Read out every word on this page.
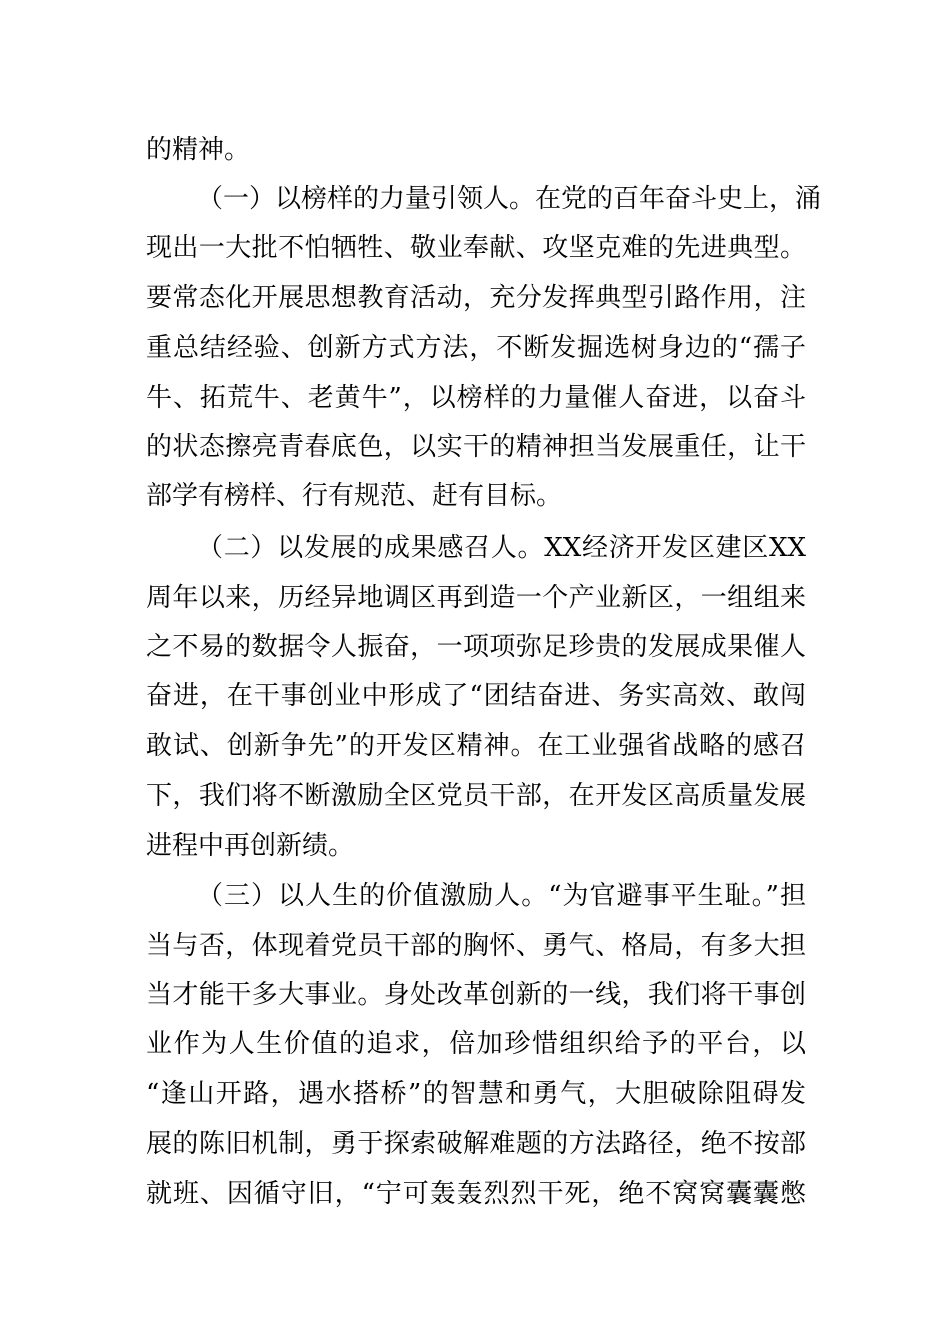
的精神。
（一）以榜样的力量引领人。在党的百年奋斗史上，涌
现出一大批不怕牺牲、敬业奉献、攻坚克难的先进典型。
要常态化开展思想教育活动，充分发挥典型引路作用，注
重总结经验、创新方式方法，不断发掘选树身边的“孺子
牛、拓荒牛、老黄牛”，以榜样的力量催人奋进，以奋斗
的状态擦亮青春底色，以实干的精神担当发展重任，让干
部学有榜样、行有规范、赶有目标。
（二）以发展的成果感召人。XX经济开发区建区XX
周年以来，历经异地调区再到造一个产业新区，一组组来
之不易的数据令人振奋，一项项弥足珍贵的发展成果催人
奋进，在干事创业中形成了“团结奋进、务实高效、敢闯
敢试、创新争先”的开发区精神。在工业强省战略的感召
下，我们将不断激励全区党员干部，在开发区高质量发展
进程中再创新绩。
（三）以人生的价值激励人。“为官避事平生耻。”担
当与否，体现着党员干部的胸怀、勇气、格局，有多大担
当才能干多大事业。身处改革创新的一线，我们将干事创
业作为人生价值的追求，倍加珍惜组织给予的平台，以
“逢山开路，遇水搭桥”的智慧和勇气，大胆破除阻碍发
展的陈旧机制，勇于探索破解难题的方法路径，绝不按部
就班、因循守旧，“宁可轰轰烈烈干死，绝不窝窝囊囊憋
